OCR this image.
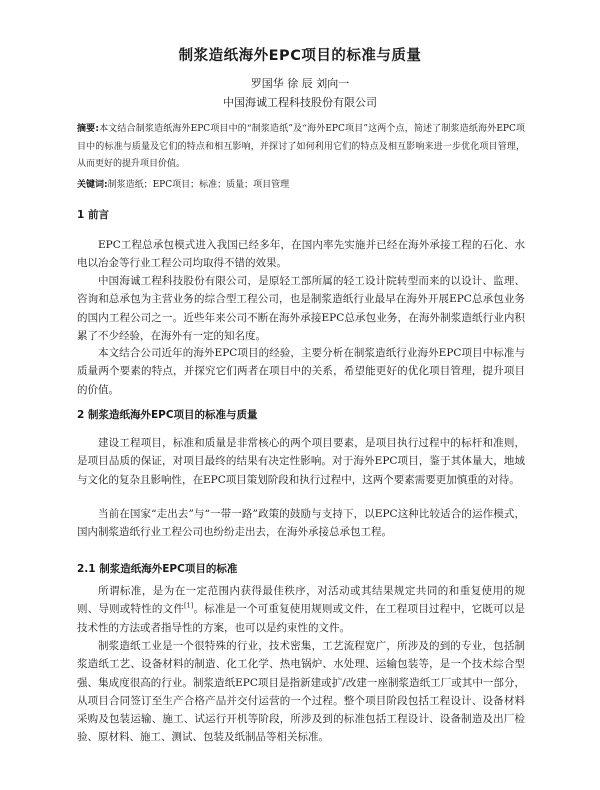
制浆造纸海外EPC项目的标准与质量
罗国华 徐 辰 刘向一
中国海诚工程科技股份有限公司
摘要:本文结合制浆造纸海外EPC项目中的“制浆造纸”及“海外EPC项目”这两个点，简述了制浆造纸海外EPC项目中的标准与质量及它们的特点和相互影响，并探讨了如何利用它们的特点及相互影响来进一步优化项目管理，从而更好的提升项目价值。
关键词:制浆造纸；EPC项目；标准；质量；项目管理
1 前言
EPC工程总承包模式进入我国已经多年，在国内率先实施并已经在海外承接工程的石化、水电以冶金等行业工程公司均取得不错的效果。
中国海诚工程科技股份有限公司，是原轻工部所属的轻工设计院转型而来的以设计、监理、咨询和总承包为主营业务的综合型工程公司，也是制浆造纸行业最早在海外开展EPC总承包业务的国内工程公司之一。近些年来公司不断在海外承接EPC总承包业务，在海外制浆造纸行业内积累了不少经验，在海外有一定的知名度。
本文结合公司近年的海外EPC项目的经验，主要分析在制浆造纸行业海外EPC项目中标准与质量两个要素的特点，并探究它们两者在项目中的关系，希望能更好的优化项目管理，提升项目的价值。
2 制浆造纸海外EPC项目的标准与质量
建设工程项目，标准和质量是非常核心的两个项目要素，是项目执行过程中的标杆和准则，是项目品质的保证，对项目最终的结果有决定性影响。对于海外EPC项目，鉴于其体量大，地域与文化的复杂且影响性，在EPC项目策划阶段和执行过程中，这两个要素需要更加慎重的对待。
当前在国家“走出去”与“一带一路”政策的鼓励与支持下，以EPC这种比较适合的运作模式，国内制浆造纸行业工程公司也纷纷走出去，在海外承接总承包工程。
2.1 制浆造纸海外EPC项目的标准
所谓标准，是为在一定范围内获得最佳秩序，对活动或其结果规定共同的和重复使用的规则、导则或特性的文件[1]。标准是一个可重复使用规则或文件，在工程项目过程中，它既可以是技术性的方法或者指导性的方案，也可以是约束性的文件。
制浆造纸工业是一个很特殊的行业，技术密集，工艺流程宽广，所涉及的到的专业，包括制浆造纸工艺、设备材料的制造、化工化学、热电锅炉、水处理、运输包装等，是一个技术综合型强、集成度很高的行业。制浆造纸EPC项目是指新建或扩/改建一座制浆造纸工厂或其中一部分，从项目合同签订至生产合格产品并交付运营的一个过程。整个项目阶段包括工程设计、设备材料采购及包装运输、施工、试运行开机等阶段，所涉及到的标准包括工程设计、设备制造及出厂检验、原材料、施工、测试、包装及纸制品等相关标准。
